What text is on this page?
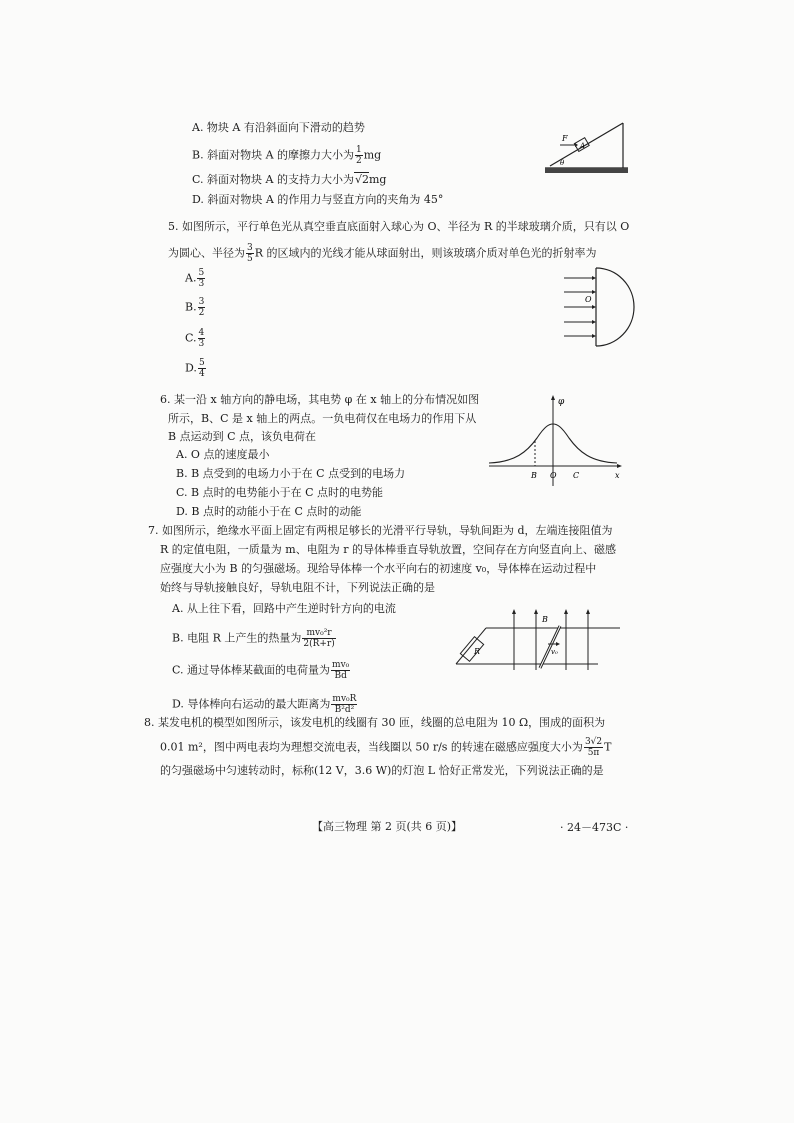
A. 物块 A 有沿斜面向下滑动的趋势
B. 斜面对物块 A 的摩擦力大小为 $\frac{1}{2}$ mg
C. 斜面对物块 A 的支持力大小为√2mg
D. 斜面对物块 A 的作用力与竖直方向的夹角为 45°
A
F
θ
5. 如图所示，平行单色光从真空垂直底面射入球心为 O、半径为 R 的半球玻璃介质，只有以 O
为圆心、半径为 $\frac{3}{5}$ R 的区域内的光线才能从球面射出，则该玻璃介质对单色光的折射率为
A. $\frac{5}{3}$
B. $\frac{3}{2}$
C. $\frac{4}{3}$
D. $\frac{5}{4}$
O
6. 某一沿 x 轴方向的静电场，其电势 φ 在 x 轴上的分布情况如图
所示，B、C 是 x 轴上的两点。一负电荷仅在电场力的作用下从
B 点运动到 C 点，该负电荷在
A. O 点的速度最小
B. B 点受到的电场力小于在 C 点受到的电场力
C. B 点时的电势能小于在 C 点时的电势能
D. B 点时的动能小于在 C 点时的动能
φ
x
B O C
7. 如图所示，绝缘水平面上固定有两根足够长的光滑平行导轨，导轨间距为 d，左端连接阻值为
R 的定值电阻，一质量为 m、电阻为 r 的导体棒垂直导轨放置，空间存在方向竖直向上、磁感
应强度大小为 B 的匀强磁场。现给导体棒一个水平向右的初速度 v₀，导体棒在运动过程中
始终与导轨接触良好，导轨电阻不计，下列说法正确的是
A. 从上往下看，回路中产生逆时针方向的电流
B. 电阻 R 上产生的热量为 $\frac{\text{mv₀²r}}{2(R+r)}$
C. 通过导体棒某截面的电荷量为 $\frac{\text{mv₀}}{Bd}$
D. 导体棒向右运动的最大距离为 $\frac{\text{mv₀R}}{\text{B²d²}}$
R
B
v₀
8. 某发电机的模型如图所示，该发电机的线圈有 30 匝，线圈的总电阻为 10 Ω，围成的面积为
0.01 m²，图中两电表均为理想交流电表，当线圈以 50 r/s 的转速在磁感应强度大小为 $\frac{3√2}{5\pi}$ T
的匀强磁场中匀速转动时，标称(12 V，3.6 W)的灯泡 L 恰好正常发光，下列说法正确的是
【高三物理 第 2 页(共 6 页)】	· 24－473C ·
